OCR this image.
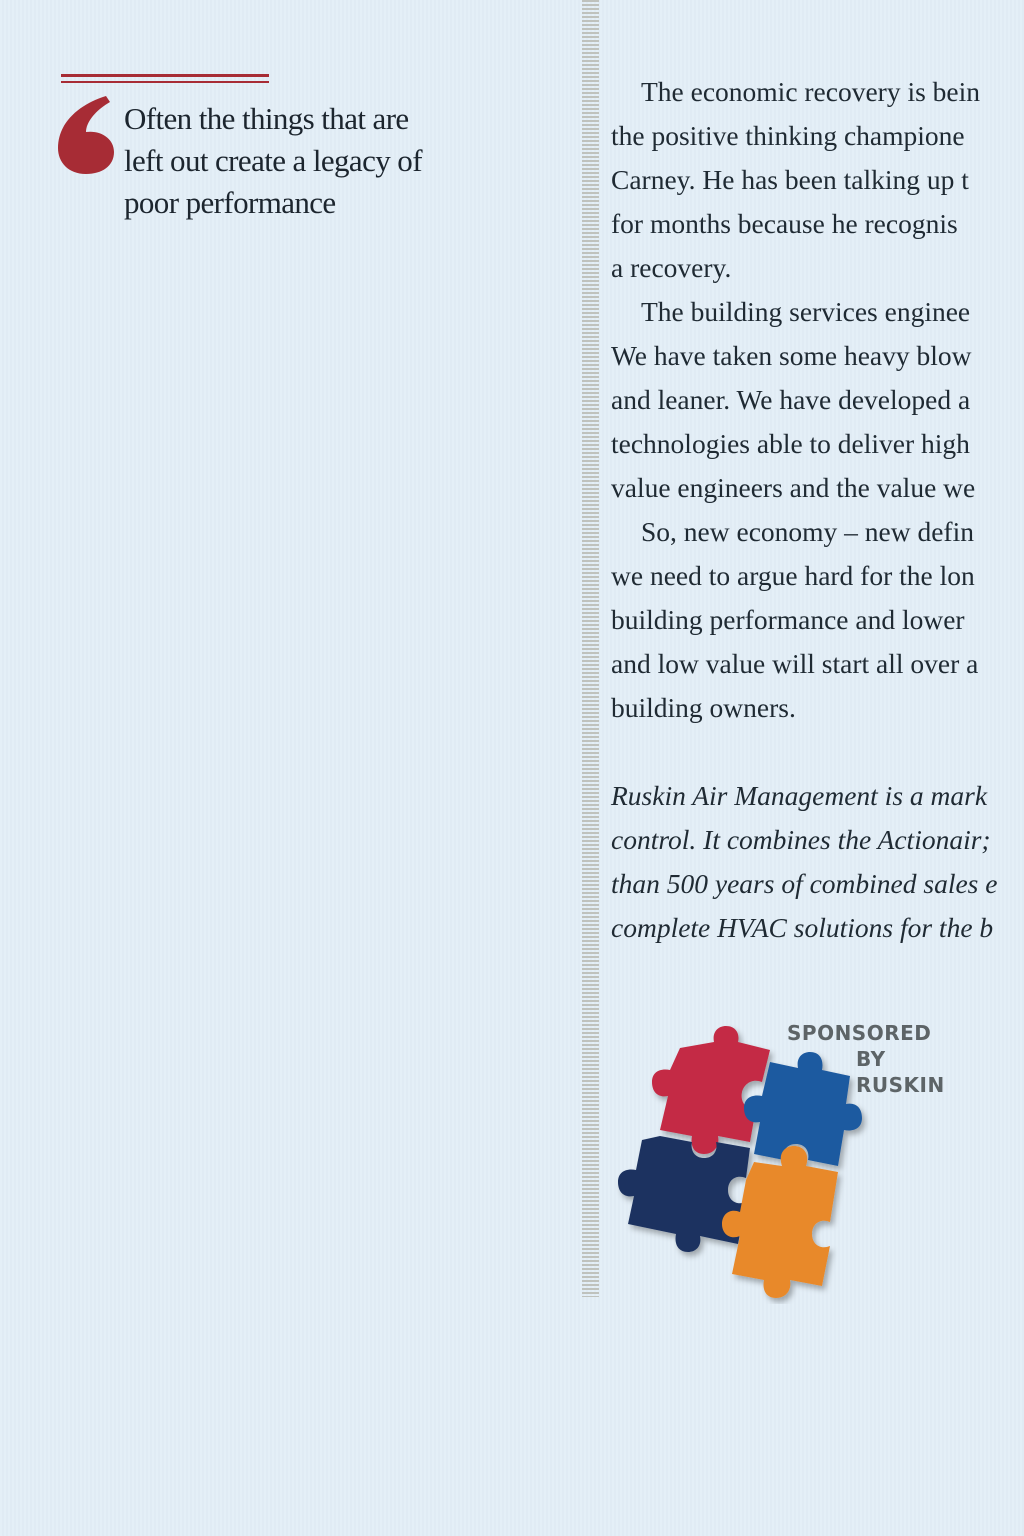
Often the things that are
left out create a legacy of
poor performance
The economic recovery is bein
the positive thinking champione
Carney. He has been talking up t
for months because he recognis
a recovery.
The building services enginee
We have taken some heavy blow
and leaner. We have developed a
technologies able to deliver high
value engineers and the value we
So, new economy – new defin
we need to argue hard for the lon
building performance and lower
and low value will start all over a
building owners.
Ruskin Air Management is a mark
control. It combines the Actionair;
than 500 years of combined sales e
complete HVAC solutions for the b
SPONSORED
BY RUSKIN
